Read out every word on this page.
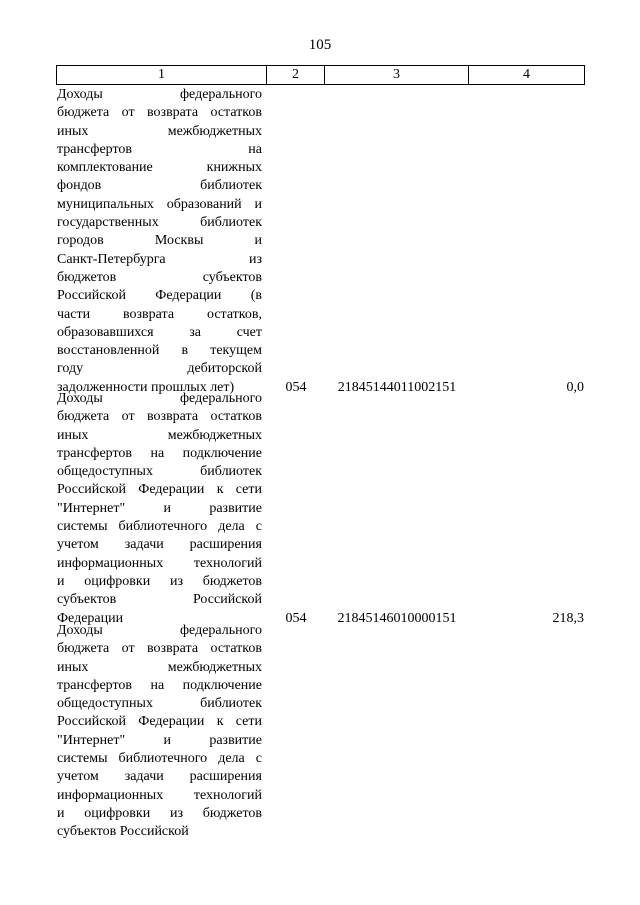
105
1	2	3	4
Доходы федерального
бюджета от возврата остатков
иных межбюджетных
трансфертов на
комплектование книжных
фондов библиотек
муниципальных образований и
государственных библиотек
городов Москвы и
Санкт-Петербурга из
бюджетов субъектов
Российской Федерации (в
части возврата остатков,
образовавшихся за счет
восстановленной в текущем
году дебиторской
задолженности прошлых лет)	054	21845144011002151	0,0
Доходы федерального
бюджета от возврата остатков
иных межбюджетных
трансфертов на подключение
общедоступных библиотек
Российской Федерации к сети
"Интернет" и развитие
системы библиотечного дела с
учетом задачи расширения
информационных технологий
и оцифровки из бюджетов
субъектов Российской
Федерации	054	21845146010000151	218,3
Доходы федерального
бюджета от возврата остатков
иных межбюджетных
трансфертов на подключение
общедоступных библиотек
Российской Федерации к сети
"Интернет" и развитие
системы библиотечного дела с
учетом задачи расширения
информационных технологий
и оцифровки из бюджетов
субъектов Российской
